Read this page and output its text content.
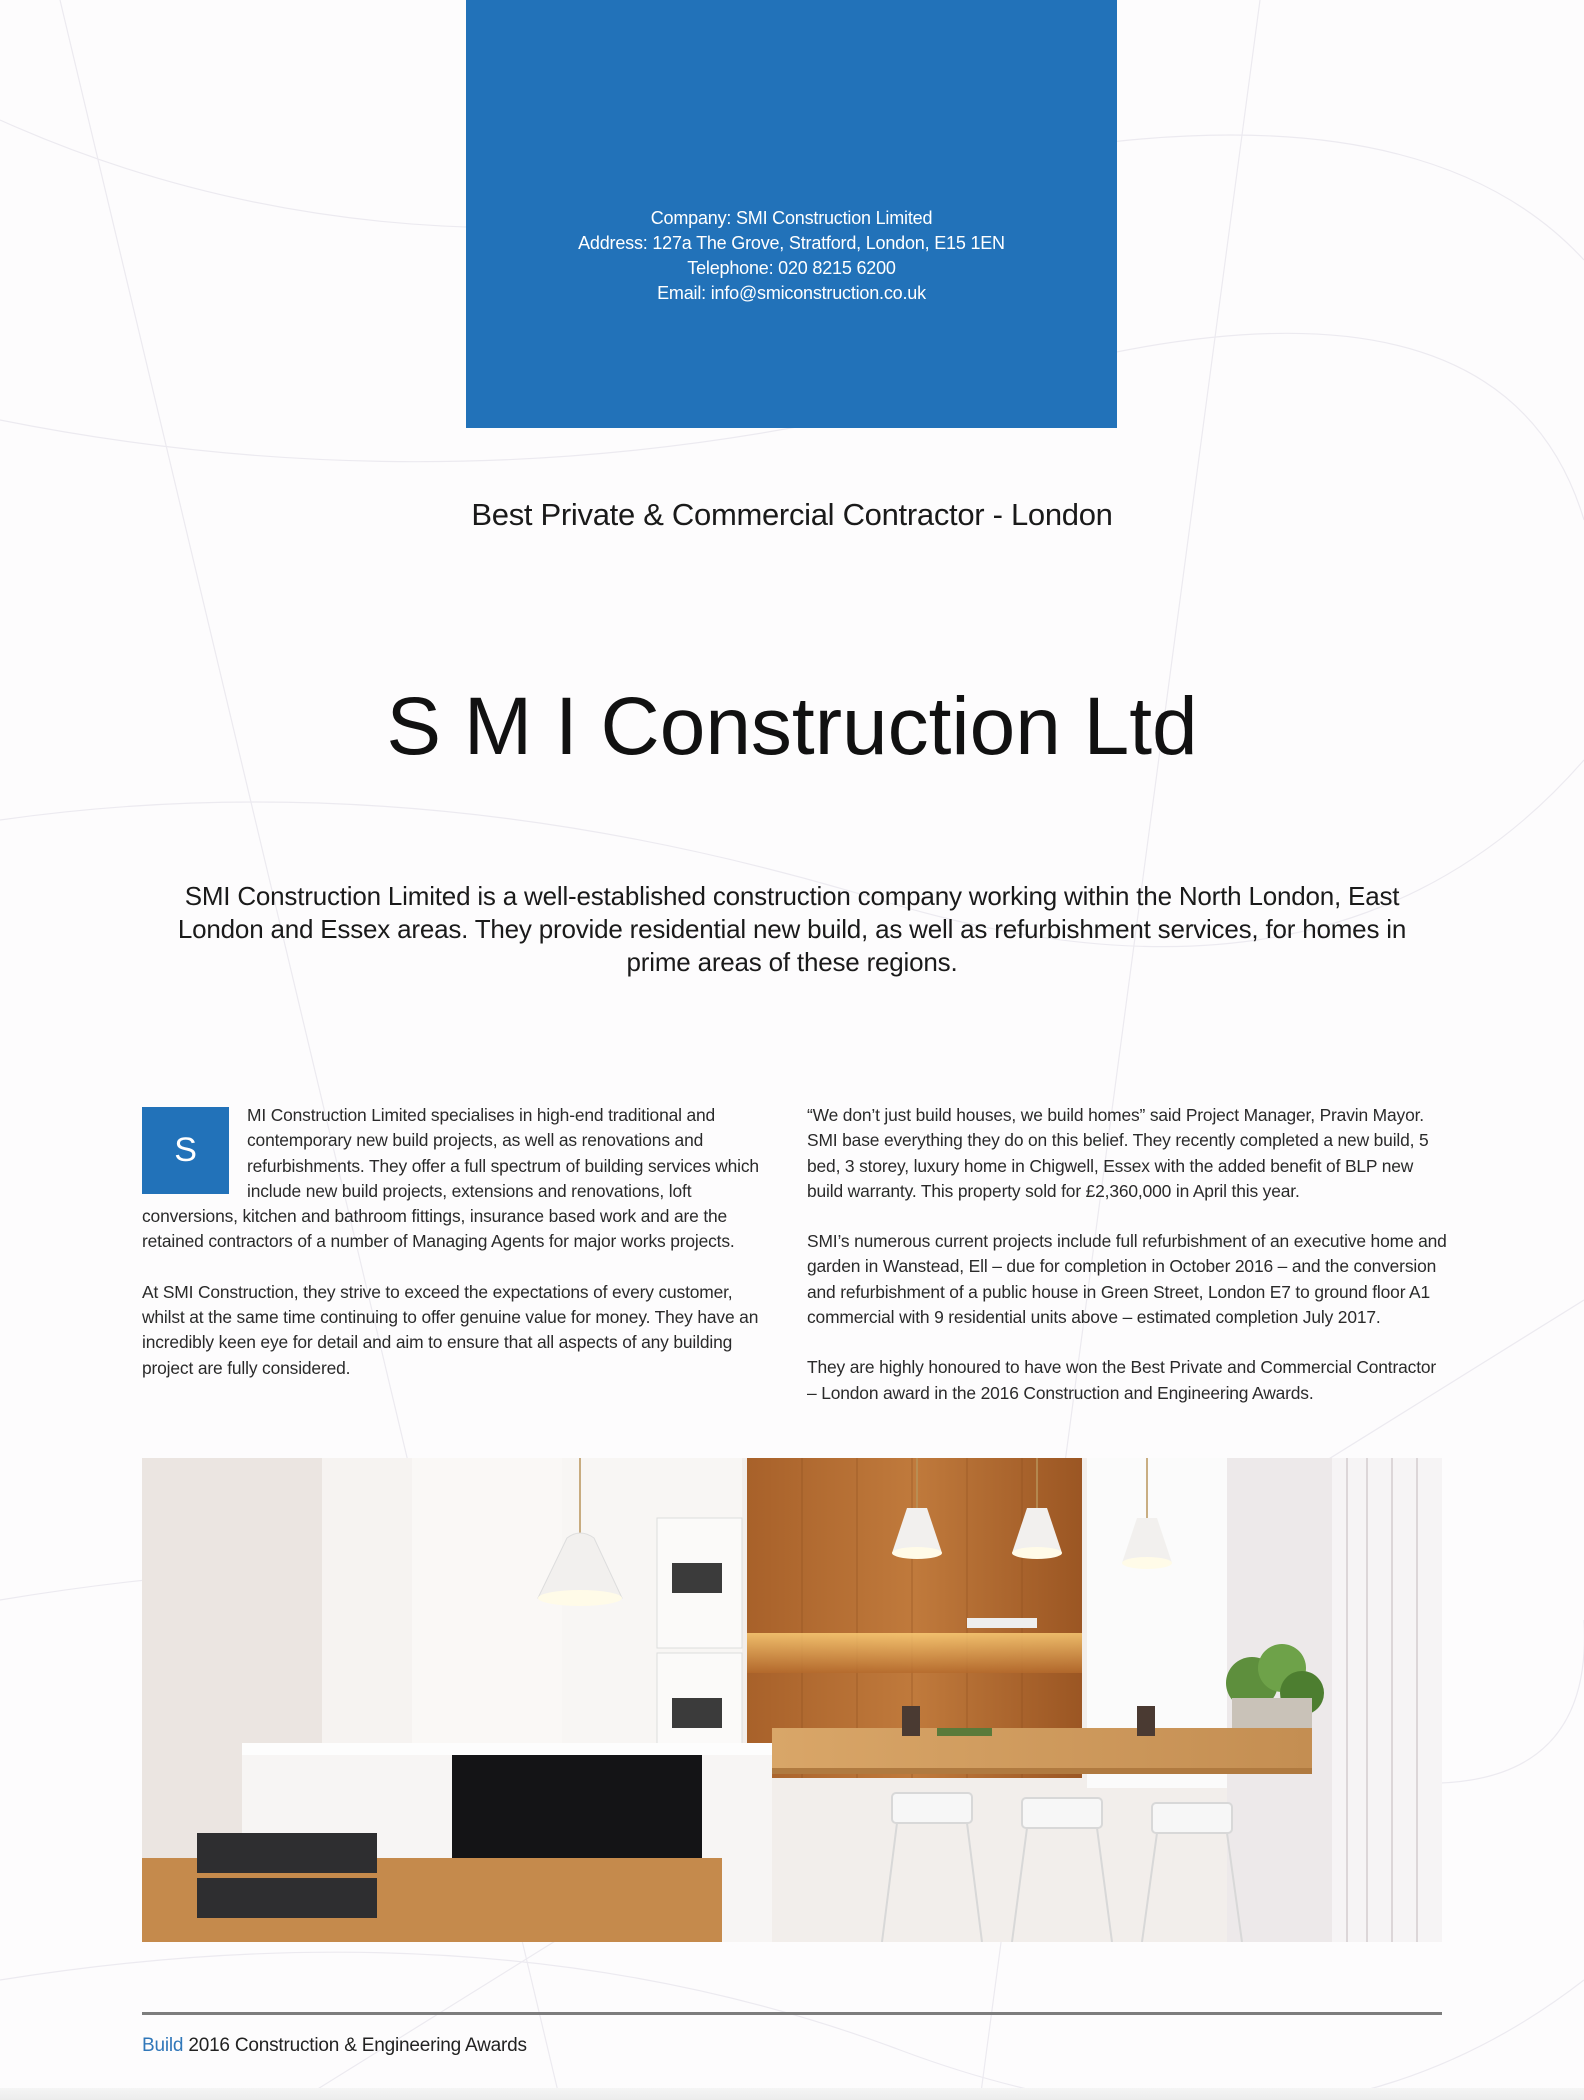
Company: SMI Construction Limited
Address: 127a The Grove, Stratford, London, E15 1EN
Telephone: 020 8215 6200
Email: info@smiconstruction.co.uk
Best Private & Commercial Contractor - London
S M I Construction Ltd
SMI Construction Limited is a well-established construction company working within the North London, East London and Essex areas. They provide residential new build, as well as refurbishment services, for homes in prime areas of these regions.

S
MI Construction Limited specialises in high-end traditional and contemporary new build projects, as well as renovations and refurbishments. They offer a full spectrum of building services which include new build projects, extensions and renovations, loft conversions, kitchen and bathroom fittings, insurance based work and are the retained contractors of a number of Managing Agents for major works projects.

At SMI Construction, they strive to exceed the expectations of every customer, whilst at the same time continuing to offer genuine value for money. They have an incredibly keen eye for detail and aim to ensure that all aspects of any building project are fully considered.

“We don’t just build houses, we build homes” said Project Manager, Pravin Mayor. SMI base everything they do on this belief. They recently completed a new build, 5 bed, 3 storey, luxury home in Chigwell, Essex with the added benefit of BLP new build warranty. This property sold for £2,360,000 in April this year.

SMI’s numerous current projects include full refurbishment of an executive home and garden in Wanstead, Ell – due for completion in October 2016 – and the conversion and refurbishment of a public house in Green Street, London E7 to ground floor A1 commercial with 9 residential units above – estimated completion July 2017.

They are highly honoured to have won the Best Private and Commercial Contractor – London award in the 2016 Construction and Engineering Awards.

Build 2016 Construction & Engineering Awards
